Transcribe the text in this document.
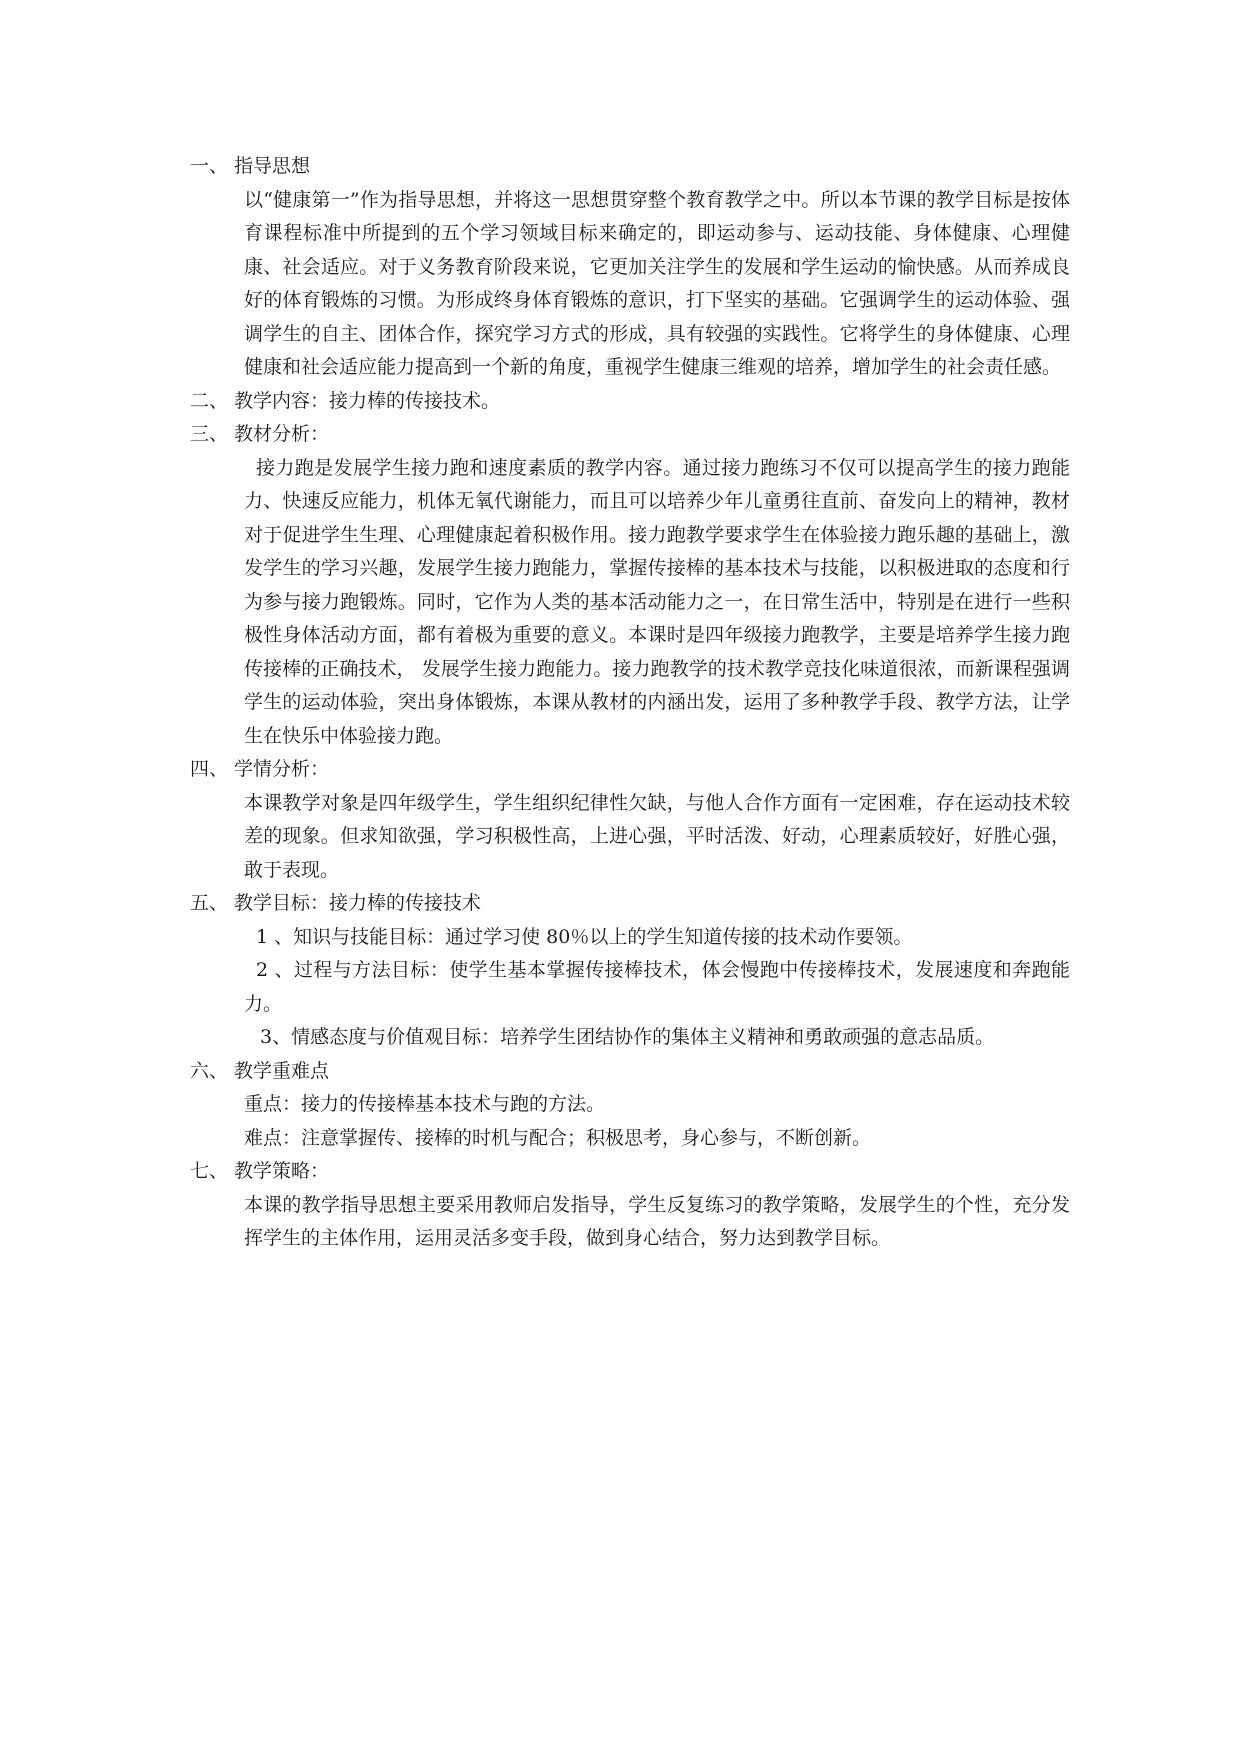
一、 指导思想
以“健康第一”作为指导思想，并将这一思想贯穿整个教育教学之中。所以本节课的教学目标是按体育课程标准中所提到的五个学习领域目标来确定的，即运动参与、运动技能、身体健康、心理健康、社会适应。对于义务教育阶段来说，它更加关注学生的发展和学生运动的愉快感。从而养成良好的体育锻炼的习惯。为形成终身体育锻炼的意识，打下坚实的基础。它强调学生的运动体验、强调学生的自主、团体合作，探究学习方式的形成，具有较强的实践性。它将学生的身体健康、心理健康和社会适应能力提高到一个新的角度，重视学生健康三维观的培养，增加学生的社会责任感。
二、 教学内容：接力棒的传接技术。
三、 教材分析：
接力跑是发展学生接力跑和速度素质的教学内容。通过接力跑练习不仅可以提高学生的接力跑能力、快速反应能力，机体无氧代谢能力，而且可以培养少年儿童勇往直前、奋发向上的精神，教材对于促进学生生理、心理健康起着积极作用。接力跑教学要求学生在体验接力跑乐趣的基础上，激发学生的学习兴趣，发展学生接力跑能力，掌握传接棒的基本技术与技能，以积极进取的态度和行为参与接力跑锻炼。同时，它作为人类的基本活动能力之一，在日常生活中，特别是在进行一些积极性身体活动方面，都有着极为重要的意义。本课时是四年级接力跑教学，主要是培养学生接力跑传接棒的正确技术， 发展学生接力跑能力。接力跑教学的技术教学竞技化味道很浓，而新课程强调学生的运动体验，突出身体锻炼，本课从教材的内涵出发，运用了多种教学手段、教学方法，让学生在快乐中体验接力跑。
四、 学情分析：
本课教学对象是四年级学生，学生组织纪律性欠缺，与他人合作方面有一定困难，存在运动技术较差的现象。但求知欲强，学习积极性高，上进心强，平时活泼、好动，心理素质较好，好胜心强，敢于表现。
五、 教学目标：接力棒的传接技术
1 、知识与技能目标：通过学习使 80％以上的学生知道传接的技术动作要领。
2 、过程与方法目标：使学生基本掌握传接棒技术，体会慢跑中传接棒技术，发展速度和奔跑能力。
3、情感态度与价值观目标：培养学生团结协作的集体主义精神和勇敢顽强的意志品质。
六、 教学重难点
重点：接力的传接棒基本技术与跑的方法。
难点：注意掌握传、接棒的时机与配合；积极思考，身心参与，不断创新。
七、 教学策略：
本课的教学指导思想主要采用教师启发指导，学生反复练习的教学策略，发展学生的个性，充分发挥学生的主体作用，运用灵活多变手段，做到身心结合，努力达到教学目标。
